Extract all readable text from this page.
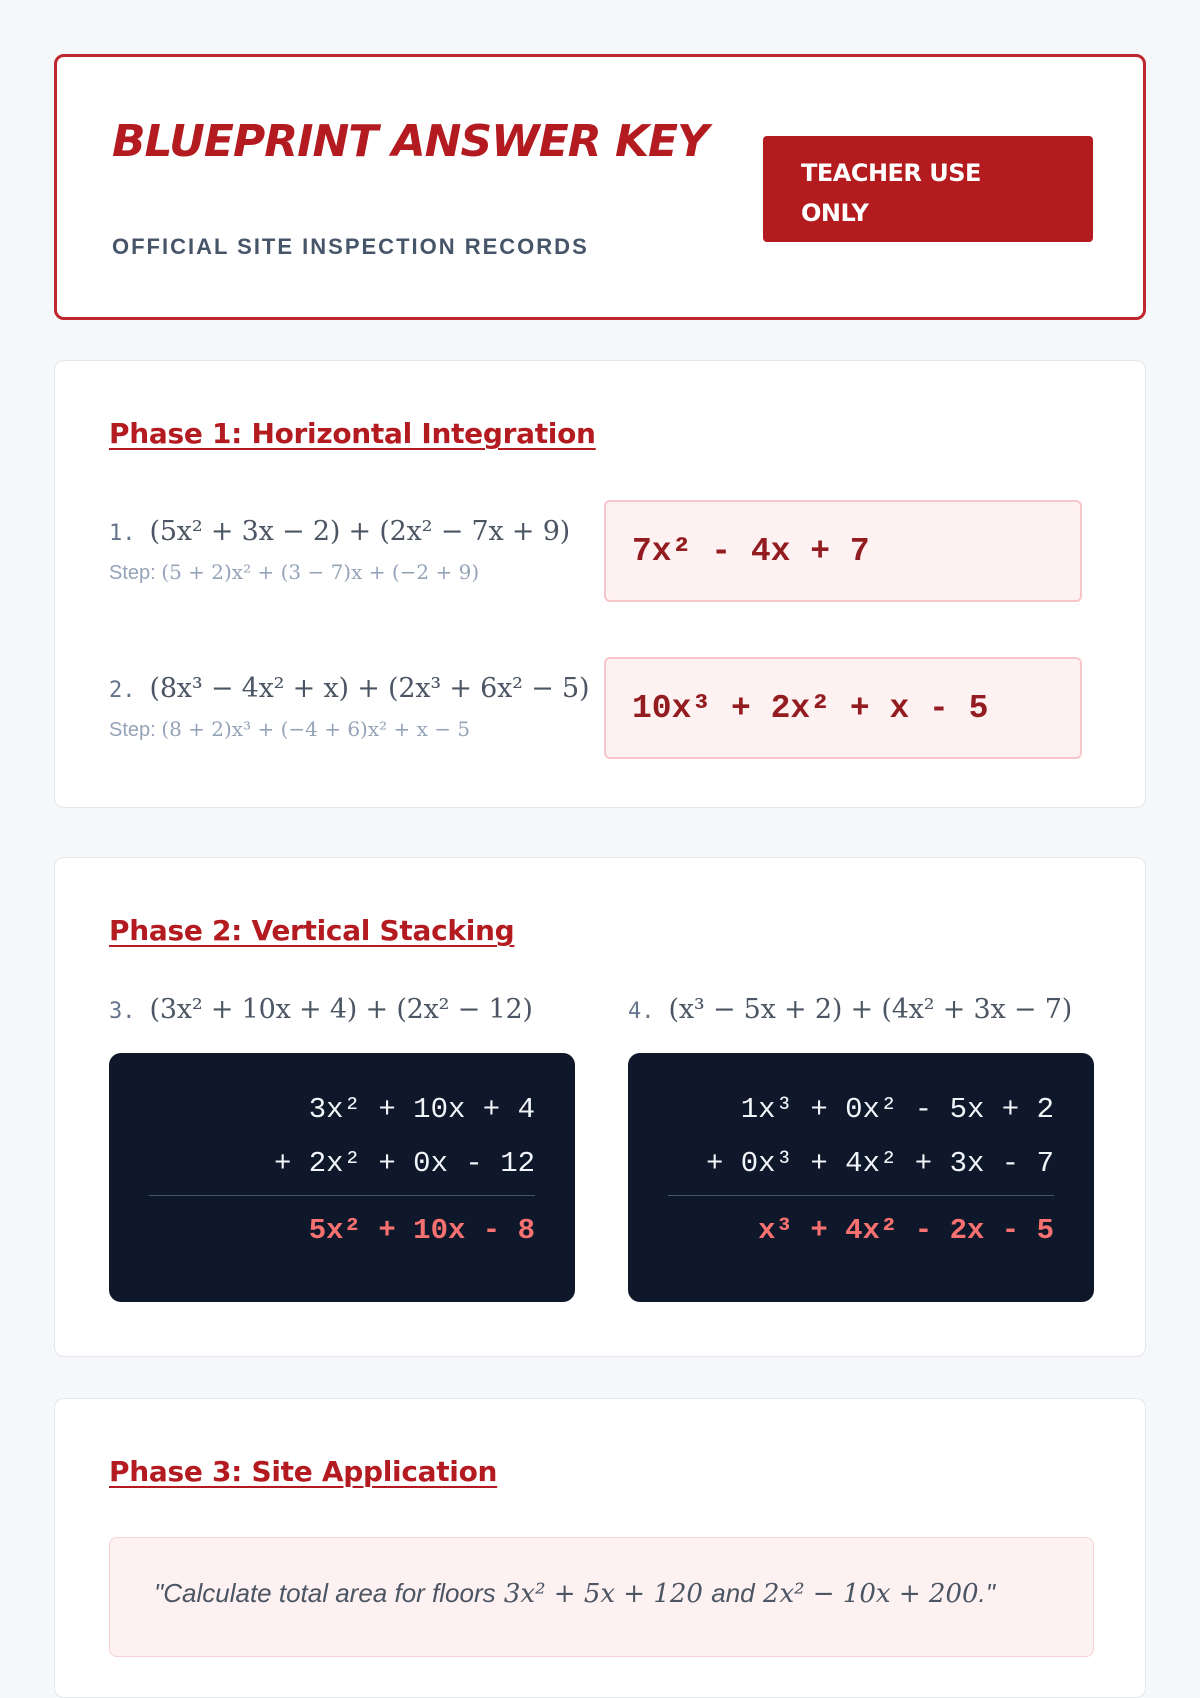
BLUEPRINT ANSWER KEY
OFFICIAL SITE INSPECTION RECORDS
TEACHER USE ONLY
Phase 1: Horizontal Integration
1. (5x² + 3x − 2) + (2x² − 7x + 9)
Step: (5 + 2)x² + (3 − 7)x + (−2 + 9)
7x² - 4x + 7
2. (8x³ − 4x² + x) + (2x³ + 6x² − 5)
Step: (8 + 2)x³ + (−4 + 6)x² + x − 5
10x³ + 2x² + x - 5
Phase 2: Vertical Stacking
3. (3x² + 10x + 4) + (2x² − 12)	4. (x³ − 5x + 2) + (4x² + 3x − 7)
3x² + 10x + 4
+ 2x² + 0x - 12
5x² + 10x - 8
1x³ + 0x² - 5x + 2
+ 0x³ + 4x² + 3x - 7
x³ + 4x² - 2x - 5
Phase 3: Site Application
"Calculate total area for floors 3x² + 5x + 120 and 2x² − 10x + 200."
